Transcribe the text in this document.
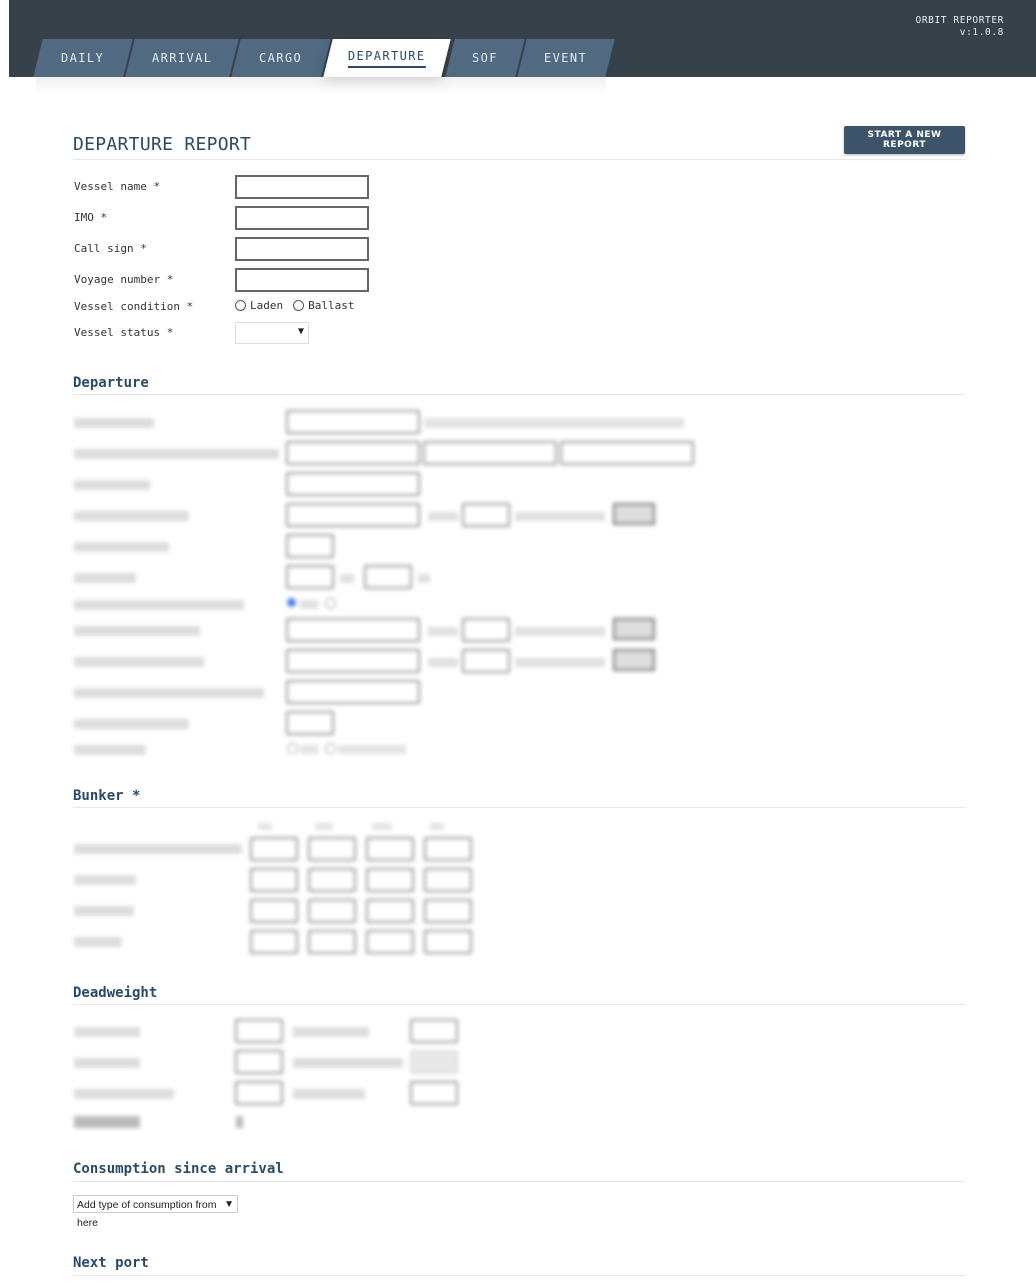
ORBIT REPORTER
v:1.0.8
DAILY	ARRIVAL	CARGO	DEPARTURE	SOF	EVENT
DEPARTURE REPORT	START A NEW REPORT
Vessel name *
IMO *
Call sign *
Voyage number *
Vessel condition *	Laden Ballast
Vessel status *	▼
Departure
Bunker *
Deadweight
Consumption since arrival
Add type of consumption from here
▼
Next port
